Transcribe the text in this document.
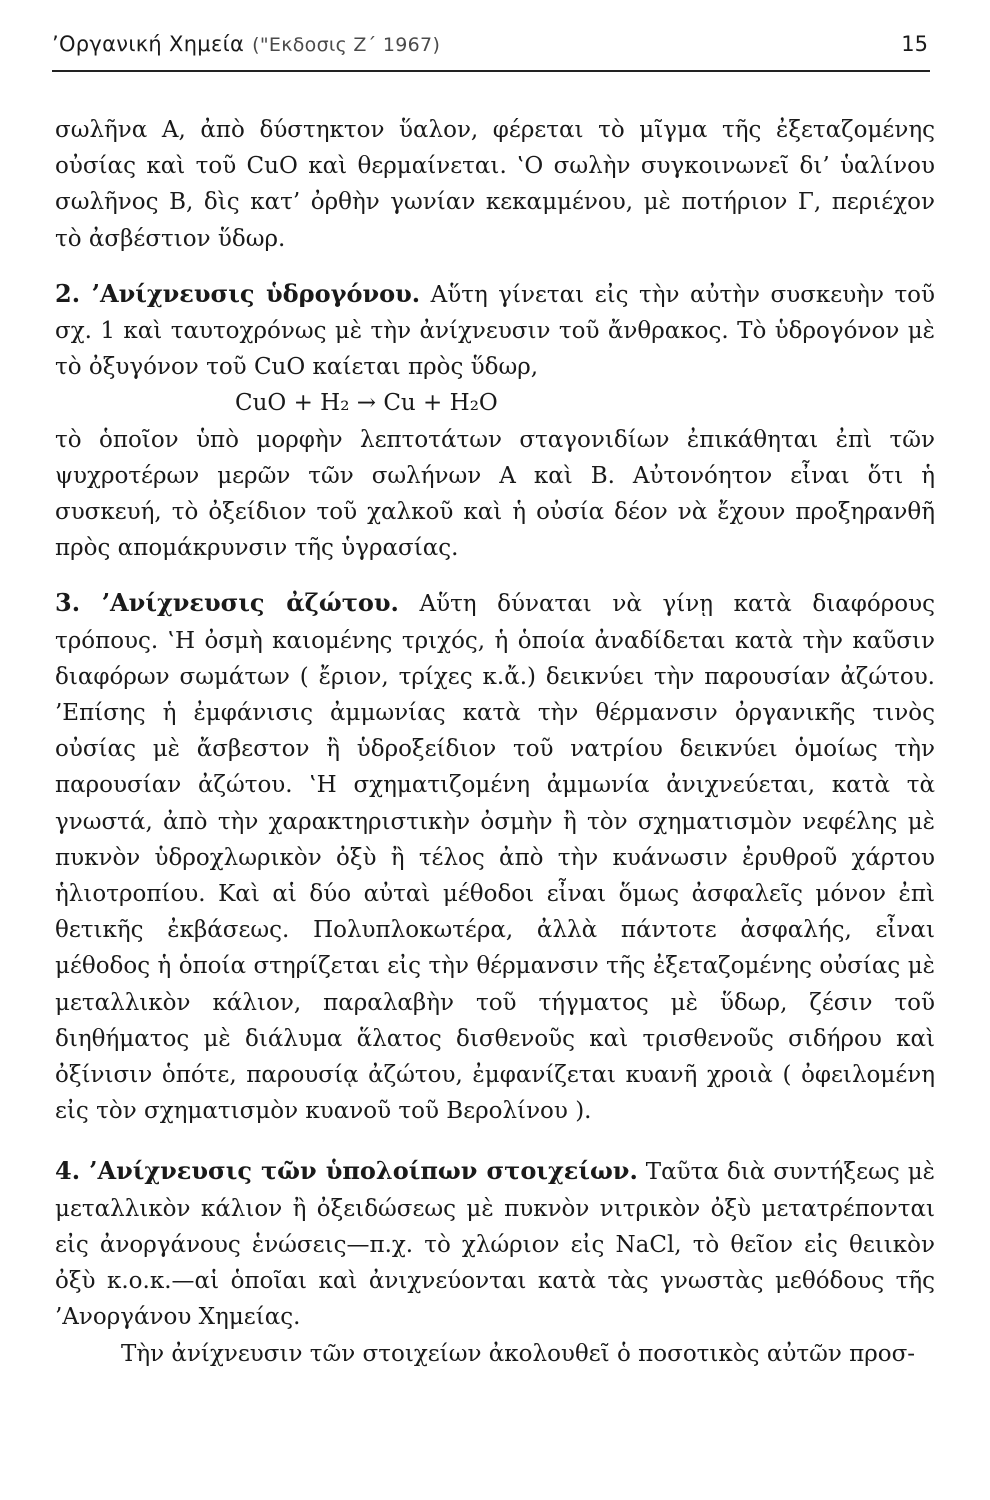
’Οργανική Χημεία ("Εκδοσις Ζ΄ 1967)	15

σωλῆνα Α, ἀπὸ δύστηκτον ὕαλον, φέρεται τὸ μῖγμα τῆς ἐξεταζομένης οὐσίας καὶ τοῦ CuO καὶ θερμαίνεται. ‛Ο σωλὴν συγκοινωνεῖ δι’ ὑαλίνου σωλῆνος Β, δὶς κατ’ ὀρθὴν γωνίαν κεκαμμένου, μὲ ποτήριον Γ, περιέχον τὸ ἀσβέστιον ὕδωρ.

2. ’Ανίχνευσις ὑδρογόνου. Αὕτη γίνεται εἰς τὴν αὐτὴν συσκευὴν τοῦ σχ. 1 καὶ ταυτοχρόνως μὲ τὴν ἀνίχνευσιν τοῦ ἄνθρακος. Τὸ ὑδρογόνον μὲ τὸ ὀξυγόνον τοῦ CuO καίεται πρὸς ὕδωρ,

CuO + H₂ → Cu + H₂O

τὸ ὁποῖον ὑπὸ μορφὴν λεπτοτάτων σταγονιδίων ἐπικάθηται ἐπὶ τῶν ψυχροτέρων μερῶν τῶν σωλήνων Α καὶ Β. Αὐτονόητον εἶναι ὅτι ἡ συσκευή, τὸ ὀξείδιον τοῦ χαλκοῦ καὶ ἡ οὐσία δέον νὰ ἔχουν προξηρανθῆ πρὸς απομάκρυνσιν τῆς ὑγρασίας.

3. ’Ανίχνευσις ἀζώτου. Αὕτη δύναται νὰ γίνῃ κατὰ διαφόρους τρόπους. ‛Η ὀσμὴ καιομένης τριχός, ἡ ὁποία ἀναδίδεται κατὰ τὴν καῦσιν διαφόρων σωμάτων ( ἔριον, τρίχες κ.ἄ.) δεικνύει τὴν παρουσίαν ἀζώτου. ’Επίσης ἡ ἐμφάνισις ἀμμωνίας κατὰ τὴν θέρμανσιν ὀργανικῆς τινὸς οὐσίας μὲ ἄσβεστον ἢ ὑδροξείδιον τοῦ νατρίου δεικνύει ὁμοίως τὴν παρουσίαν ἀζώτου. ‛Η σχηματιζομένη ἀμμωνία ἀνιχνεύεται, κατὰ τὰ γνωστά, ἀπὸ τὴν χαρακτηριστικὴν ὀσμὴν ἢ τὸν σχηματισμὸν νεφέλης μὲ πυκνὸν ὑδροχλωρικὸν ὀξὺ ἢ τέλος ἀπὸ τὴν κυάνωσιν ἐρυθροῦ χάρτου ἡλιοτροπίου. Καὶ αἱ δύο αὐταὶ μέθοδοι εἶναι ὅμως ἀσφαλεῖς μόνον ἐπὶ θετικῆς ἐκβάσεως. Πολυπλοκωτέρα, ἀλλὰ πάντοτε ἀσφαλής, εἶναι μέθοδος ἡ ὁποία στηρίζεται εἰς τὴν θέρμανσιν τῆς ἐξεταζομένης οὐσίας μὲ μεταλλικὸν κάλιον, παραλαβὴν τοῦ τήγματος μὲ ὕδωρ, ζέσιν τοῦ διηθήματος μὲ διάλυμα ἅλατος δισθενοῦς καὶ τρισθενοῦς σιδήρου καὶ ὀξίνισιν ὁπότε, παρουσίᾳ ἀζώτου, ἐμφανίζεται κυανῆ χροιὰ ( ὀφειλομένη εἰς τὸν σχηματισμὸν κυανοῦ τοῦ Βερολίνου ).

4. ’Ανίχνευσις τῶν ὑπολοίπων στοιχείων. Ταῦτα διὰ συντήξεως μὲ μεταλλικὸν κάλιον ἢ ὀξειδώσεως μὲ πυκνὸν νιτρικὸν ὀξὺ μετατρέπονται εἰς ἀνοργάνους ἑνώσεις—π.χ. τὸ χλώριον εἰς NaCl, τὸ θεῖον εἰς θειικὸν ὀξὺ κ.ο.κ.—αἱ ὁποῖαι καὶ ἀνιχνεύονται κατὰ τὰς γνωστὰς μεθόδους τῆς ’Ανοργάνου Χημείας.

Τὴν ἀνίχνευσιν τῶν στοιχείων ἀκολουθεῖ ὁ ποσοτικὸς αὐτῶν προσ-
